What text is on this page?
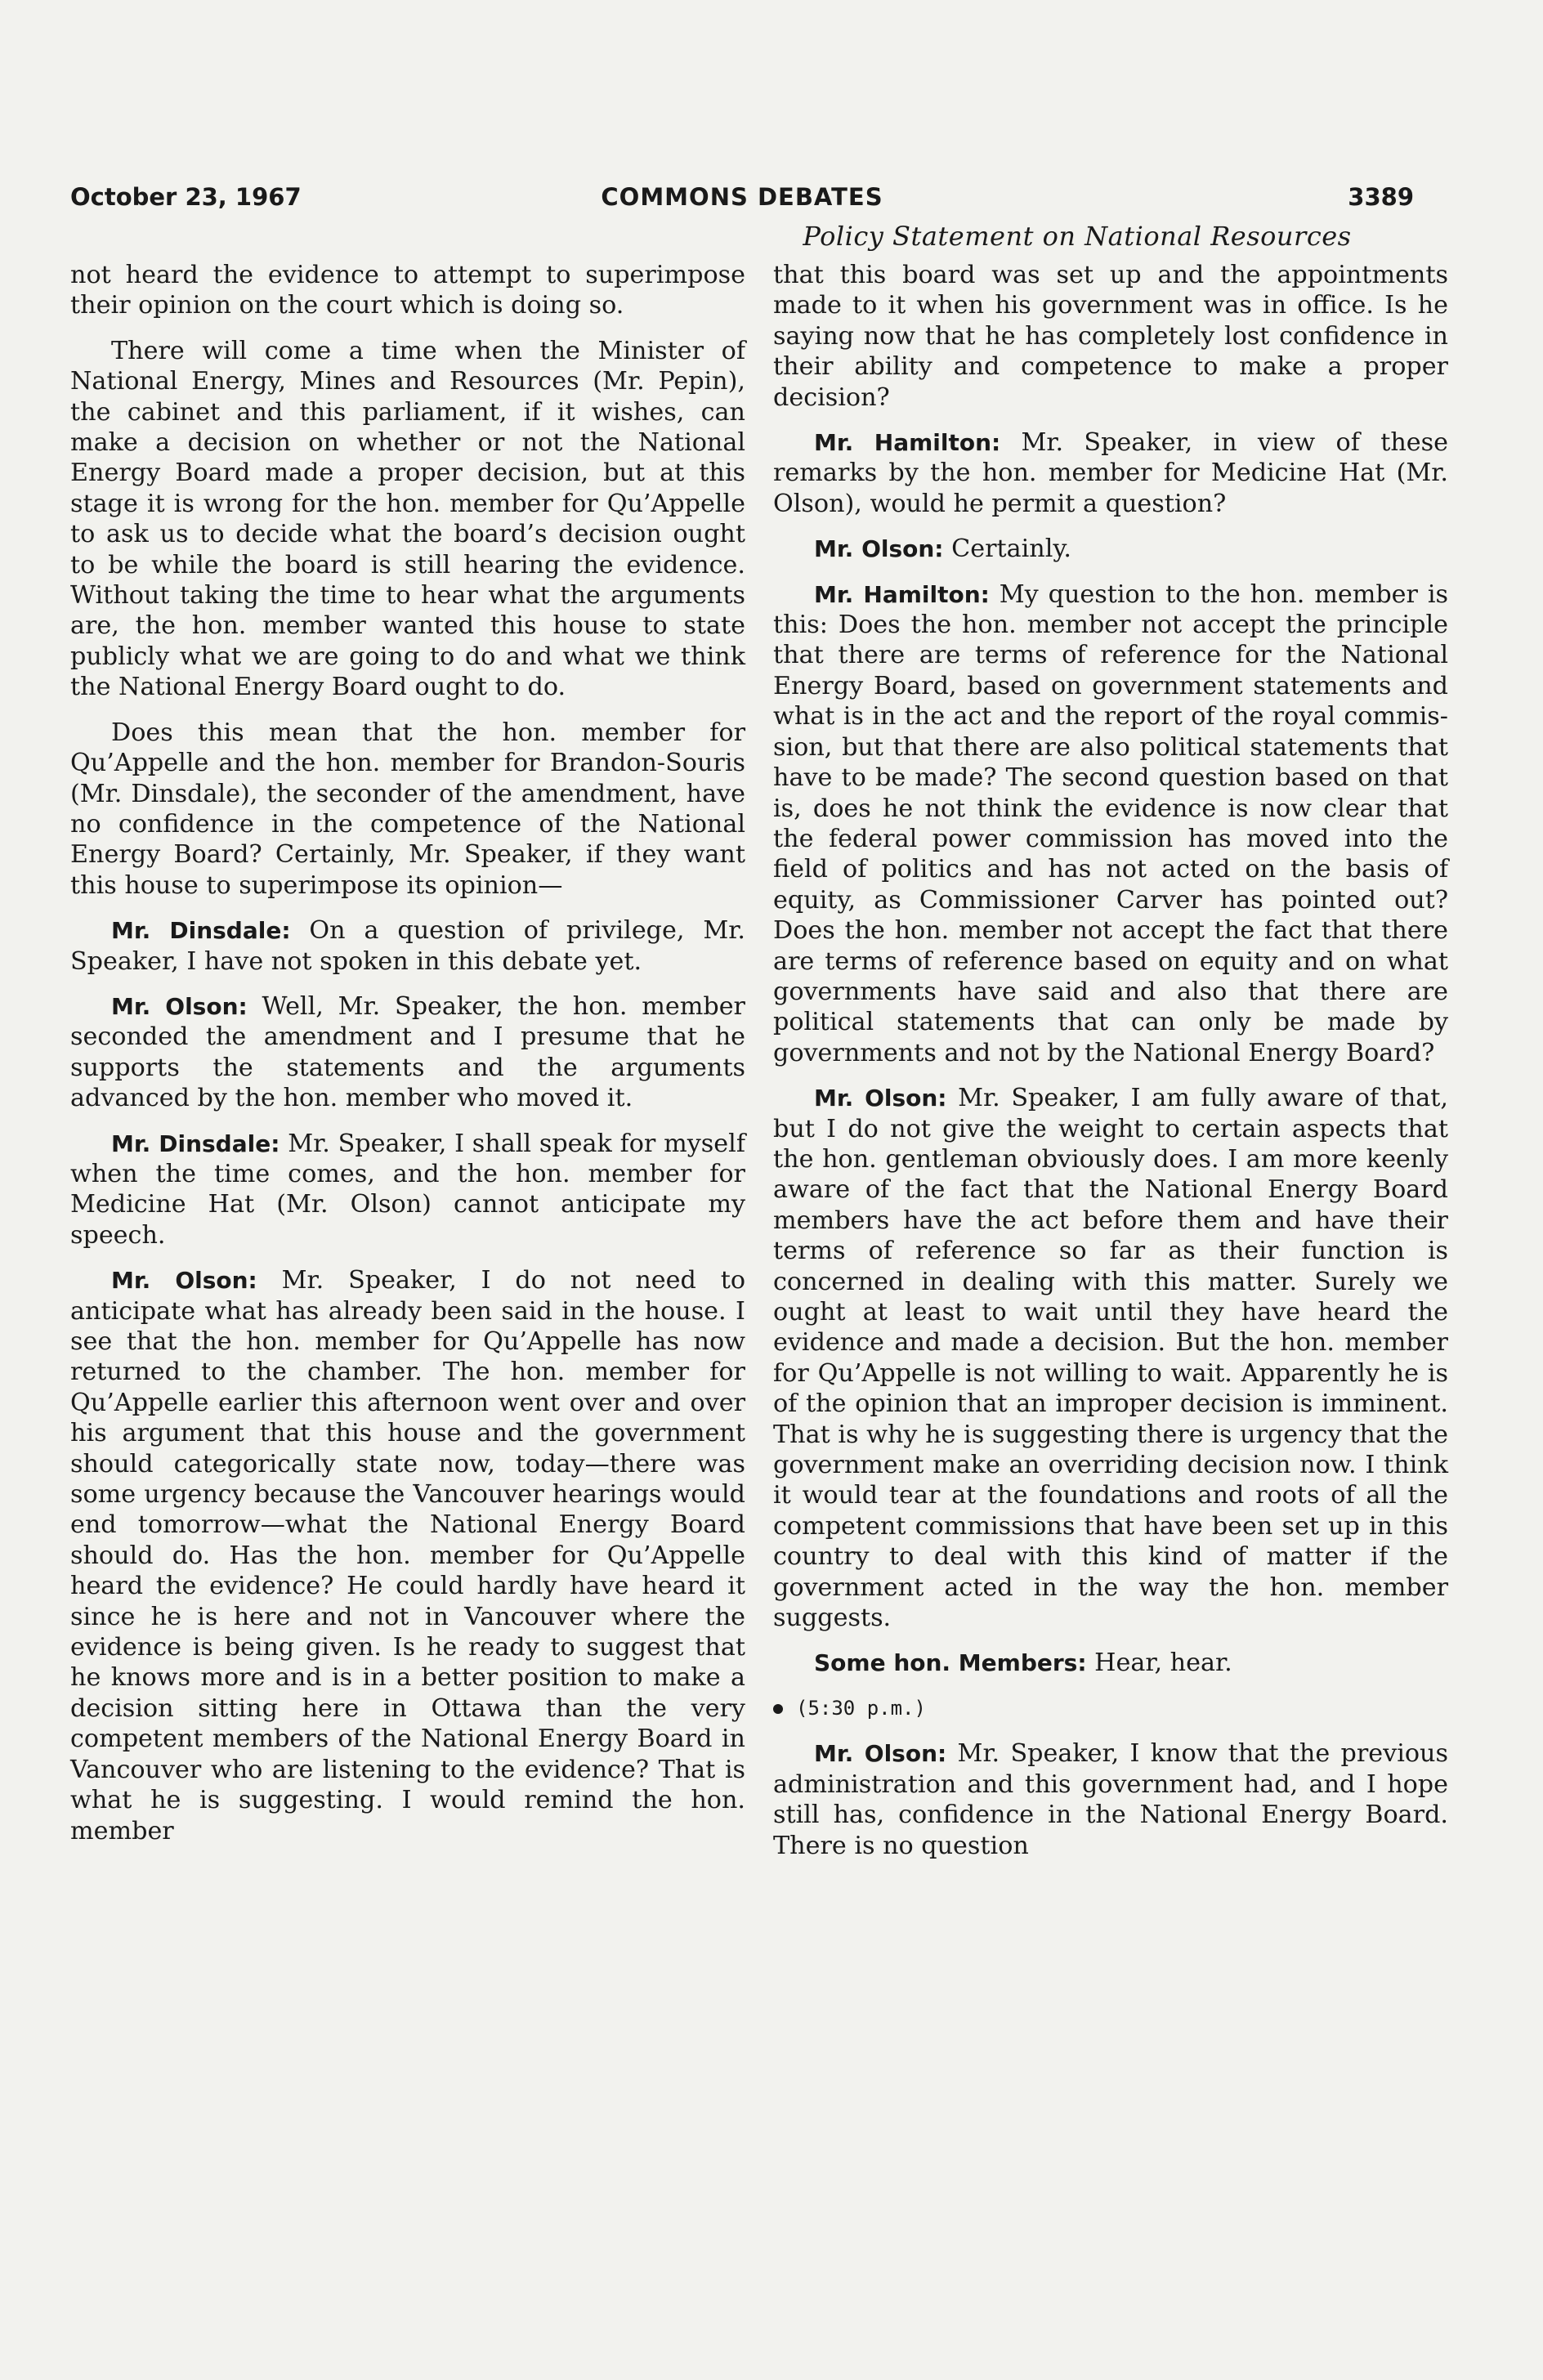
October 23, 1967	COMMONS DEBATES	3389
Policy Statement on National Resources

not heard the evidence to attempt to superimpose their opinion on the court which is doing so.

There will come a time when the Minister of National Energy, Mines and Resources (Mr. Pepin), the cabinet and this parliament, if it wishes, can make a decision on whether or not the National Energy Board made a proper decision, but at this stage it is wrong for the hon. member for Qu’Appelle to ask us to decide what the board’s decision ought to be while the board is still hearing the evidence. Without taking the time to hear what the arguments are, the hon. member wanted this house to state publicly what we are going to do and what we think the National Energy Board ought to do.

Does this mean that the hon. member for Qu’Appelle and the hon. member for Brandon-Souris (Mr. Dinsdale), the seconder of the amendment, have no confidence in the competence of the National Energy Board? Certainly, Mr. Speaker, if they want this house to superimpose its opinion—

Mr. Dinsdale: On a question of privilege, Mr. Speaker, I have not spoken in this debate yet.

Mr. Olson: Well, Mr. Speaker, the hon. member seconded the amendment and I presume that he supports the statements and the arguments advanced by the hon. member who moved it.

Mr. Dinsdale: Mr. Speaker, I shall speak for myself when the time comes, and the hon. member for Medicine Hat (Mr. Olson) cannot anticipate my speech.

Mr. Olson: Mr. Speaker, I do not need to anticipate what has already been said in the house. I see that the hon. member for Qu’Appelle has now returned to the chamber. The hon. member for Qu’Appelle earlier this afternoon went over and over his argument that this house and the government should categorically state now, today—there was some urgency because the Vancouver hearings would end tomorrow—what the National Energy Board should do. Has the hon. member for Qu’Appelle heard the evidence? He could hardly have heard it since he is here and not in Vancouver where the evidence is being given. Is he ready to suggest that he knows more and is in a better position to make a decision sitting here in Ottawa than the very competent members of the National Energy Board in Vancouver who are listening to the evidence? That is what he is suggesting. I would remind the hon. member

that this board was set up and the appointments made to it when his government was in office. Is he saying now that he has completely lost confidence in their ability and competence to make a proper decision?

Mr. Hamilton: Mr. Speaker, in view of these remarks by the hon. member for Medicine Hat (Mr. Olson), would he permit a question?

Mr. Olson: Certainly.

Mr. Hamilton: My question to the hon. member is this: Does the hon. member not accept the principle that there are terms of reference for the National Energy Board, based on government statements and what is in the act and the report of the royal commission, but that there are also political statements that have to be made? The second question based on that is, does he not think the evidence is now clear that the federal power commission has moved into the field of politics and has not acted on the basis of equity, as Commissioner Carver has pointed out? Does the hon. member not accept the fact that there are terms of reference based on equity and on what governments have said and also that there are political statements that can only be made by governments and not by the National Energy Board?

Mr. Olson: Mr. Speaker, I am fully aware of that, but I do not give the weight to certain aspects that the hon. gentleman obviously does. I am more keenly aware of the fact that the National Energy Board members have the act before them and have their terms of reference so far as their function is concerned in dealing with this matter. Surely we ought at least to wait until they have heard the evidence and made a decision. But the hon. member for Qu’Appelle is not willing to wait. Apparently he is of the opinion that an improper decision is imminent. That is why he is suggesting there is urgency that the government make an overriding decision now. I think it would tear at the foundations and roots of all the competent commissions that have been set up in this country to deal with this kind of matter if the government acted in the way the hon. member suggests.

Some hon. Members: Hear, hear.

(5:30 p.m.)

Mr. Olson: Mr. Speaker, I know that the previous administration and this government had, and I hope still has, confidence in the National Energy Board. There is no question
